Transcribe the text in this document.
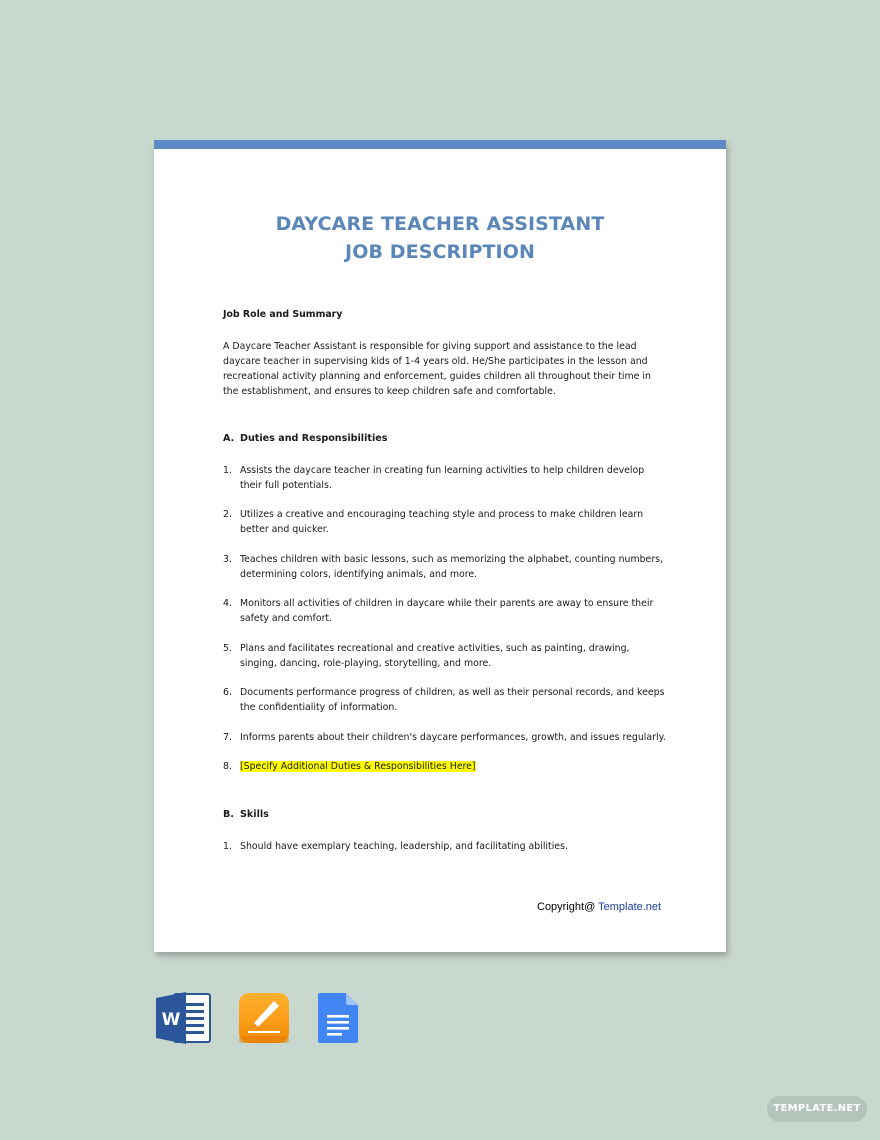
DAYCARE TEACHER ASSISTANT
JOB DESCRIPTION
Job Role and Summary
A Daycare Teacher Assistant is responsible for giving support and assistance to the lead daycare teacher in supervising kids of 1-4 years old. He/She participates in the lesson and recreational activity planning and enforcement, guides children all throughout their time in the establishment, and ensures to keep children safe and comfortable.
A. Duties and Responsibilities
1. Assists the daycare teacher in creating fun learning activities to help children develop their full potentials.
2. Utilizes a creative and encouraging teaching style and process to make children learn better and quicker.
3. Teaches children with basic lessons, such as memorizing the alphabet, counting numbers, determining colors, identifying animals, and more.
4. Monitors all activities of children in daycare while their parents are away to ensure their safety and comfort.
5. Plans and facilitates recreational and creative activities, such as painting, drawing, singing, dancing, role-playing, storytelling, and more.
6. Documents performance progress of children, as well as their personal records, and keeps the confidentiality of information.
7. Informs parents about their children's daycare performances, growth, and issues regularly.
8. [Specify Additional Duties & Responsibilities Here]
B. Skills
1. Should have exemplary teaching, leadership, and facilitating abilities.
Copyright@ Template.net
W
TEMPLATE.NET
